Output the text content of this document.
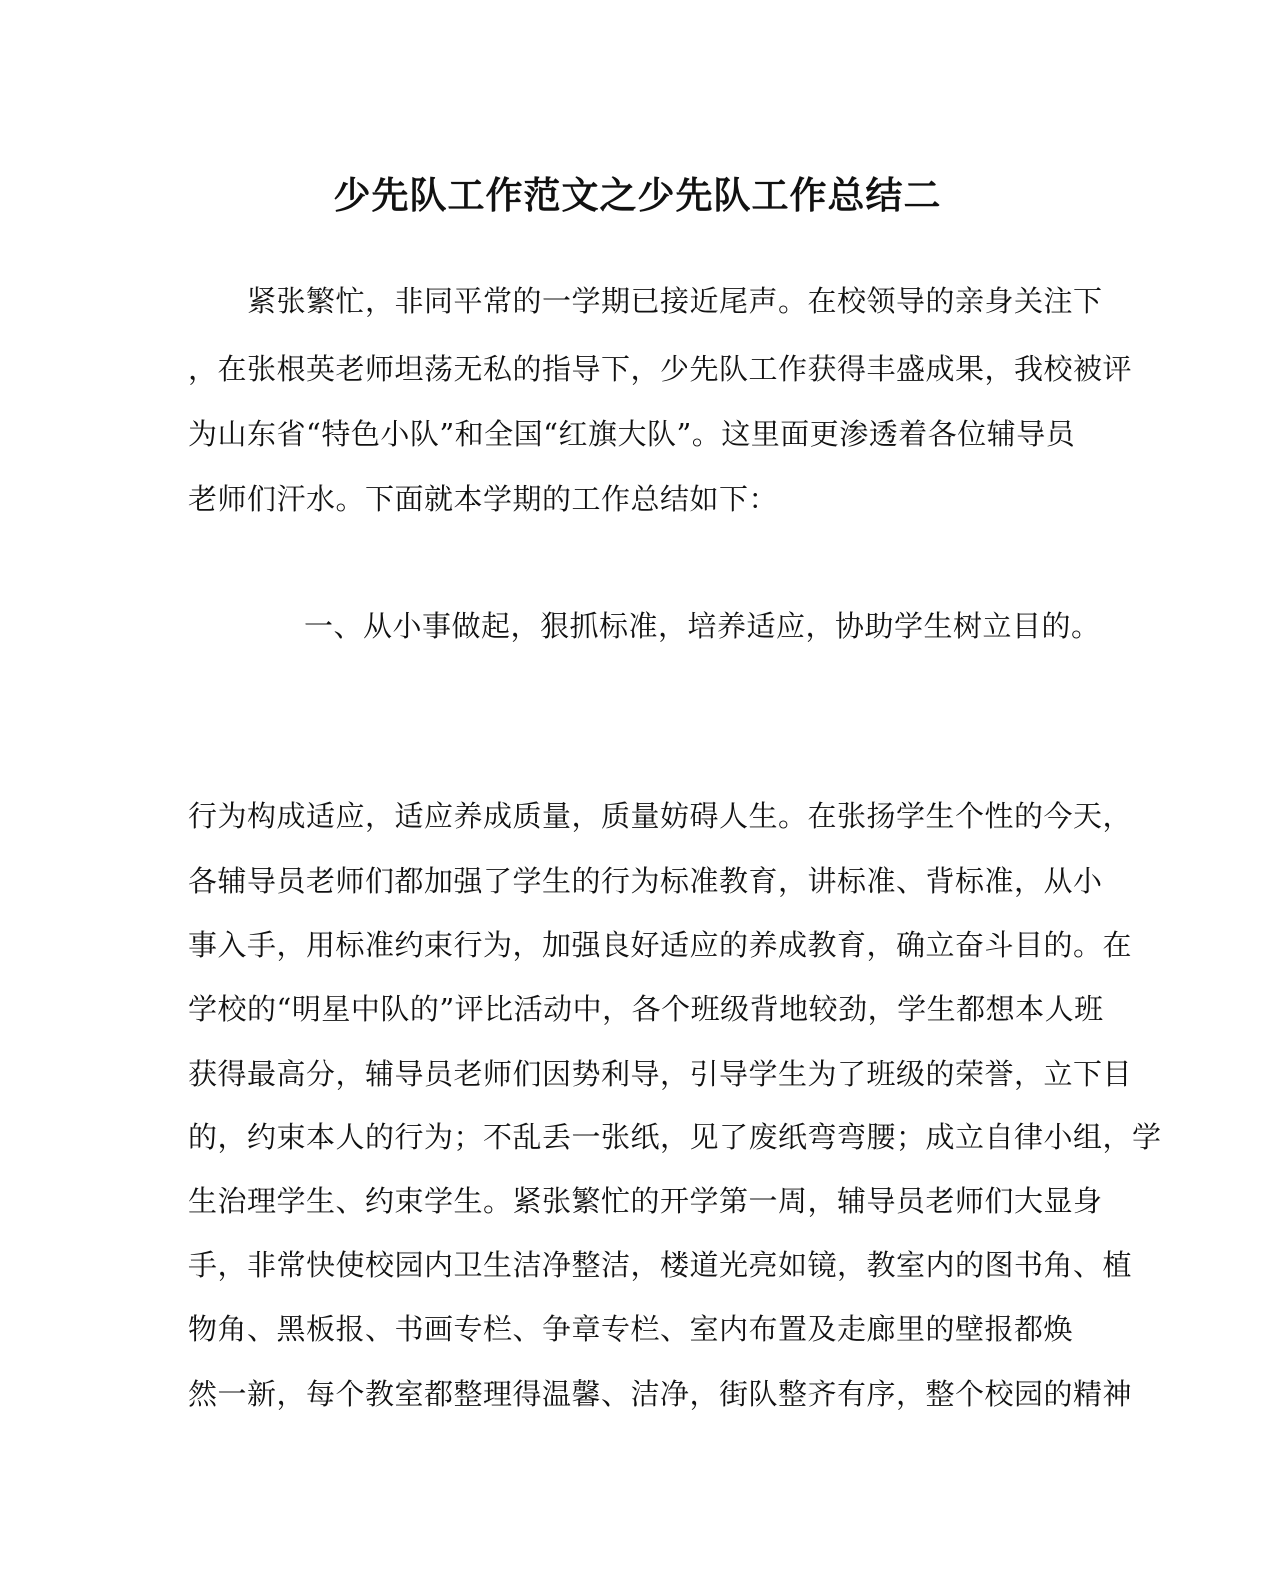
少先队工作范文之少先队工作总结二
　　紧张繁忙，非同平常的一学期已接近尾声。在校领导的亲身关注下
，在张根英老师坦荡无私的指导下，少先队工作获得丰盛成果，我校被评
为山东省“特色小队”和全国“红旗大队”。这里面更渗透着各位辅导员
老师们汗水。下面就本学期的工作总结如下：
　　一、从小事做起，狠抓标准，培养适应，协助学生树立目的。
行为构成适应，适应养成质量，质量妨碍人生。在张扬学生个性的今天，
各辅导员老师们都加强了学生的行为标准教育，讲标准、背标准，从小
事入手，用标准约束行为，加强良好适应的养成教育，确立奋斗目的。在
学校的“明星中队的”评比活动中，各个班级背地较劲，学生都想本人班
获得最高分，辅导员老师们因势利导，引导学生为了班级的荣誉，立下目
的，约束本人的行为；不乱丢一张纸，见了废纸弯弯腰；成立自律小组，学
生治理学生、约束学生。紧张繁忙的开学第一周，辅导员老师们大显身
手，非常快使校园内卫生洁净整洁，楼道光亮如镜，教室内的图书角、植
物角、黑板报、书画专栏、争章专栏、室内布置及走廊里的壁报都焕
然一新，每个教室都整理得温馨、洁净，街队整齐有序，整个校园的精神
